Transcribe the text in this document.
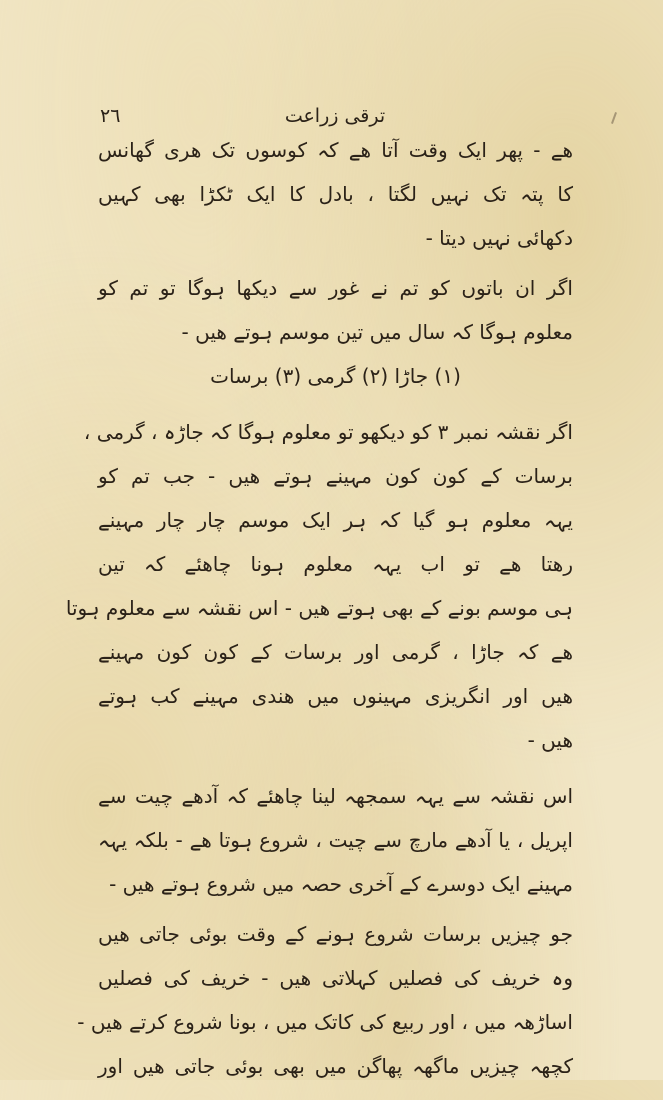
۲٦	ترقی زراعت
ھے - پھر ایک وقت آتا ھے کہ کوسوں تک ھری گھانس
کا پتہ تک نہیں لگتا ، بادل کا ایک ٹکڑا بھی کہیں
دکھائی نہیں دیتا -
اگر ان باتوں کو تم نے غور سے دیکھا ہوگا تو تم کو
معلوم ہوگا کہ سال میں تین موسم ہوتے ھیں -
(۱) جاڑا (۲) گرمی (۳) برسات
اگر نقشہ نمبر ۳ کو دیکھو تو معلوم ہوگا کہ جاڑہ ، گرمی ،
برسات کے کون کون مہینے ہوتے ھیں - جب تم کو
یہہ معلوم ہو گیا کہ ہر ایک موسم چار چار مہینے
رهتا ھے تو اب یہہ معلوم ہونا چاهئے کہ تین
ہی موسم بونے کے بھی ہوتے ھیں - اس نقشہ سے معلوم ہوتا
ھے کہ جاڑا ، گرمی اور برسات کے کون کون مہینے
ھیں اور انگریزی مہینوں میں ھندی مہینے کب ہوتے
ھیں -
اس نقشہ سے یہہ سمجھہ لینا چاهئے کہ آدھے چیت سے
اپریل ، یا آدھے مارچ سے چیت ، شروع ہوتا ھے - بلکہ یہہ
مہینے ایک دوسرے کے آخری حصہ میں شروع ہوتے ھیں -
جو چیزیں برسات شروع ہونے کے وقت بوئی جاتی ھیں
وہ خریف کی فصلیں کہلاتی ھیں - خریف کی فصلیں
اساڑھہ میں ، اور ربیع کی کاتک میں ، بونا شروع کرتے ھیں -
کچھہ چیزیں ماگھہ پھاگن میں بھی بوئی جاتی ھیں اور
